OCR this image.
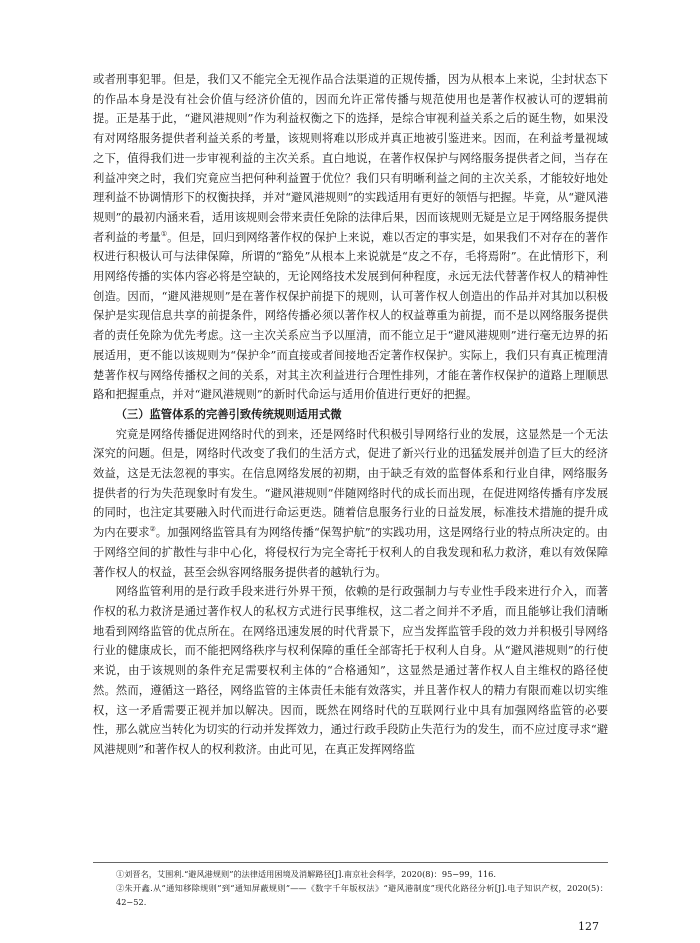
或者刑事犯罪。但是，我们又不能完全无视作品合法渠道的正规传播，因为从根本上来说，尘封状态下的作品本身是没有社会价值与经济价值的，因而允许正常传播与规范使用也是著作权被认可的逻辑前提。正是基于此，“避风港规则”作为利益权衡之下的选择，是综合审视利益关系之后的诞生物，如果没有对网络服务提供者利益关系的考量，该规则将难以形成并真正地被引鉴进来。因而，在利益考量视域之下，值得我们进一步审视利益的主次关系。直白地说，在著作权保护与网络服务提供者之间，当存在利益冲突之时，我们究竟应当把何种利益置于优位？我们只有明晰利益之间的主次关系，才能较好地处理利益不协调情形下的权衡抉择，并对“避风港规则”的实践适用有更好的领悟与把握。毕竟，从“避风港规则”的最初内涵来看，适用该规则会带来责任免除的法律后果，因而该规则无疑是立足于网络服务提供者利益的考量①。但是，回归到网络著作权的保护上来说，难以否定的事实是，如果我们不对存在的著作权进行积极认可与法律保障，所谓的“豁免”从根本上来说就是“皮之不存，毛将焉附”。在此情形下，利用网络传播的实体内容必将是空缺的，无论网络技术发展到何种程度，永远无法代替著作权人的精神性创造。因而，“避风港规则”是在著作权保护前提下的规则，认可著作权人创造出的作品并对其加以积极保护是实现信息共享的前提条件，网络传播必须以著作权人的权益尊重为前提，而不是以网络服务提供者的责任免除为优先考虑。这一主次关系应当予以厘清，而不能立足于“避风港规则”进行毫无边界的拓展适用，更不能以该规则为“保护伞”而直接或者间接地否定著作权保护。实际上，我们只有真正梳理清楚著作权与网络传播权之间的关系，对其主次利益进行合理性排列，才能在著作权保护的道路上理顺思路和把握重点，并对“避风港规则”的新时代命运与适用价值进行更好的把握。

（三）监管体系的完善引致传统规则适用式微

究竟是网络传播促进网络时代的到来，还是网络时代积极引导网络行业的发展，这显然是一个无法深究的问题。但是，网络时代改变了我们的生活方式，促进了新兴行业的迅猛发展并创造了巨大的经济效益，这是无法忽视的事实。在信息网络发展的初期，由于缺乏有效的监督体系和行业自律，网络服务提供者的行为失范现象时有发生。“避风港规则”伴随网络时代的成长而出现，在促进网络传播有序发展的同时，也注定其要融入时代而进行命运更迭。随着信息服务行业的日益发展，标准技术措施的提升成为内在要求②。加强网络监管具有为网络传播“保驾护航”的实践功用，这是网络行业的特点所决定的。由于网络空间的扩散性与非中心化，将侵权行为完全寄托于权利人的自我发现和私力救济，难以有效保障著作权人的权益，甚至会纵容网络服务提供者的越轨行为。

网络监管利用的是行政手段来进行外界干预，依赖的是行政强制力与专业性手段来进行介入，而著作权的私力救济是通过著作权人的私权方式进行民事维权，这二者之间并不矛盾，而且能够让我们清晰地看到网络监管的优点所在。在网络迅速发展的时代背景下，应当发挥监管手段的效力并积极引导网络行业的健康成长，而不能把网络秩序与权利保障的重任全部寄托于权利人自身。从“避风港规则”的行使来说，由于该规则的条件充足需要权利主体的“合格通知”，这显然是通过著作权人自主维权的路径使然。然而，遵循这一路径，网络监管的主体责任未能有效落实，并且著作权人的精力有限而难以切实维权，这一矛盾需要正视并加以解决。因而，既然在网络时代的互联网行业中具有加强网络监管的必要性，那么就应当转化为切实的行动并发挥效力，通过行政手段防止失范行为的发生，而不应过度寻求“避风港规则”和著作权人的权利救济。由此可见，在真正发挥网络监

①刘晋名，艾围利.“避风港规则”的法律适用困境及消解路径[J].南京社会科学，2020(8)：95−99，116.

②朱开鑫.从“通知移除规则”到“通知屏蔽规则”——《数字千年版权法》“避风港制度”现代化路径分析[J].电子知识产权，2020(5)：42−52.

127
